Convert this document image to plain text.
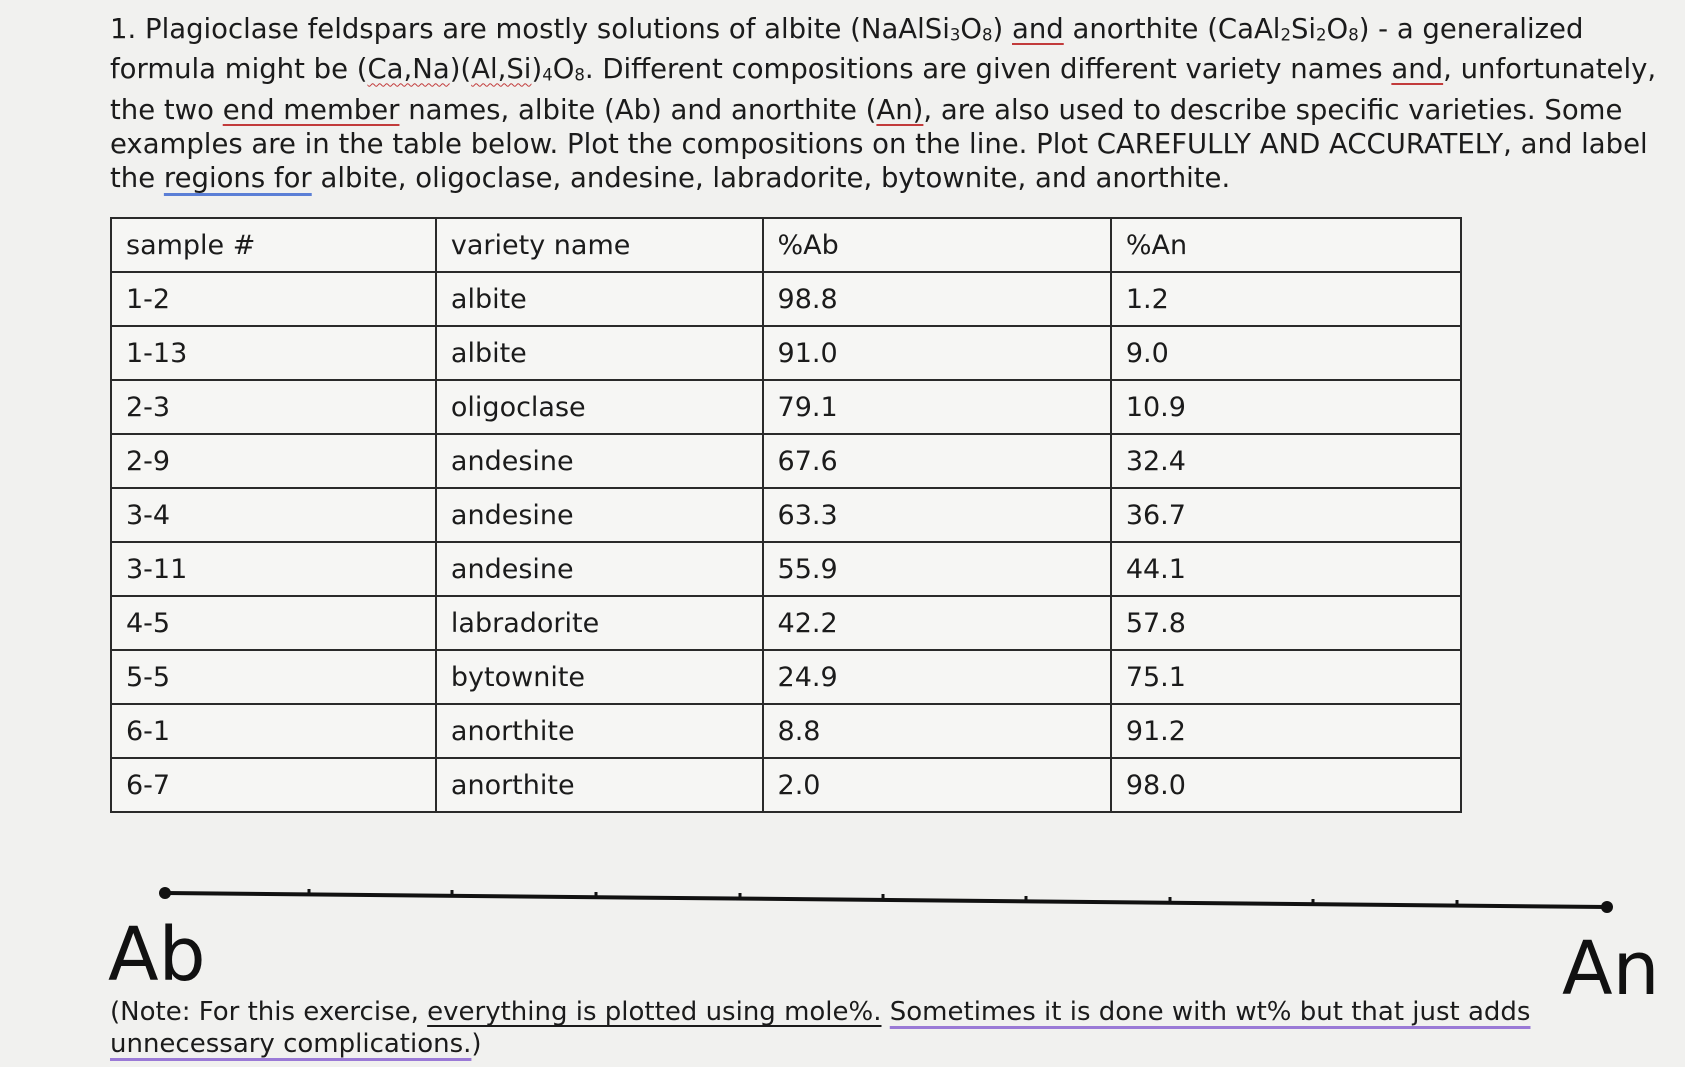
1. Plagioclase feldspars are mostly solutions of albite $(NaAlSi_3O_8)$ and anorthite $(CaAl_2Si_2O_8)$ - a generalized formula might be $(Ca,Na)(Al,Si)_4O_8$. Different compositions are given different variety names and, unfortunately, the two end member names, albite (Ab) and anorthite (An), are also used to describe specific varieties. Some examples are in the table below. Plot the compositions on the line. Plot CAREFULLY AND ACCURATELY, and label the regions for albite, oligoclase, andesine, labradorite, bytownite, and anorthite.

sample #	variety name	%Ab	%An
1-2	albite	98.8	1.2
1-13	albite	91.0	9.0
2-3	oligoclase	79.1	10.9
2-9	andesine	67.6	32.4
3-4	andesine	63.3	36.7
3-11	andesine	55.9	44.1
4-5	labradorite	42.2	57.8
5-5	bytownite	24.9	75.1
6-1	anorthite	8.8	91.2
6-7	anorthite	2.0	98.0
Ab	An

(Note: For this exercise, everything is plotted using mole%. Sometimes it is done with wt% but that just adds unnecessary complications.)
